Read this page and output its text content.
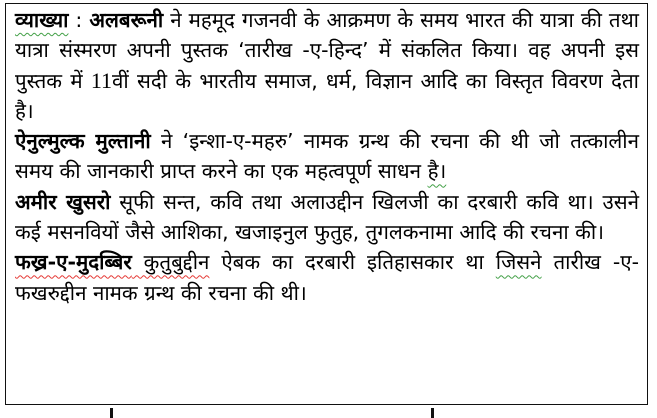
व्याख्या : अलबरूनी ने महमूद गजनवी के आक्रमण के समय भारत की यात्रा की तथा यात्रा संस्मरण अपनी पुस्तक ‘तारीख -ए-हिन्द’ में संकलित किया। वह अपनी इस पुस्तक में 11वीं सदी के भारतीय समाज, धर्म, विज्ञान आदि का विस्तृत विवरण देता है।

ऐनुल्मुल्क मुल्तानी ने ‘इन्शा-ए-महरु’ नामक ग्रन्थ की रचना की थी जो तत्कालीन समय की जानकारी प्राप्त करने का एक महत्वपूर्ण साधन है।

अमीर खुसरो सूफी सन्त, कवि तथा अलाउद्दीन खिलजी का दरबारी कवि था। उसने कई मसनवियों जैसे आशिका, खजाइनुल फुतुह, तुगलकनामा आदि की रचना की।

फख्र-ए-मुदब्बिर कुतुबुद्दीन ऐबक का दरबारी इतिहासकार था जिसने तारीख -ए- फखरुद्दीन नामक ग्रन्थ की रचना की थी।
